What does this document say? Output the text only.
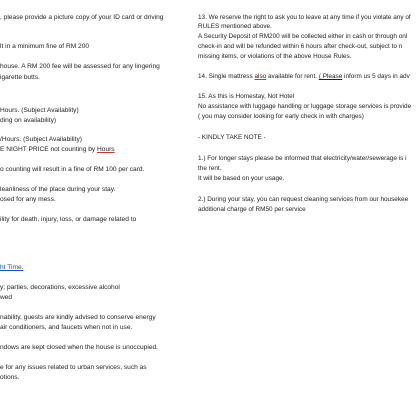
, please provide a picture copy of your ID card or driving
lt in a minimum fine of RM 200
house. A RM 200 fee will be assessed for any lingering
igarette butts.
Hours. (Subject Availablity)
ding on availability)
/Hours. (Subject Availability)
E NIGHT PRICE not counting by Hours
o counting will result in a fine of RM 100 per card.
leanliness of the place during your stay.
osed for any mess.
ility for death, injury, loss, or damage related to
ht Time.
y; parties, decorations, excessive alcohol
wed
nability, guests are kindly advised to conserve energy
air conditioners, and faucets when not in use.
ndows are kept closed when the house is unoccupied.
e for any issues related to urban services, such as
otions.
13. We reserve the right to ask you to leave at any time if you violate any of
RULES mentioned above.
A Security Deposit of RM200 will be collected either in cash or through onl
check-in and will be refunded within 6 hours after check-out, subject to n
missing items, or violations of the above House Rules.
14. Single mattress also available for rent. ( Please inform us 5 days in adv
15. As this is Homestay, Not Hotel
No assistance with luggage handling or luggage storage services is provide
( you may consider looking for early check in with charges)
- KINDLY TAKE NOTE -
1.) For longer stays please be informed that electricity/water/sewerage is i
the rent.
It will be based on your usage.
2.) During your stay, you can request cleaning services from our housekee
additional charge of RM50 per service
